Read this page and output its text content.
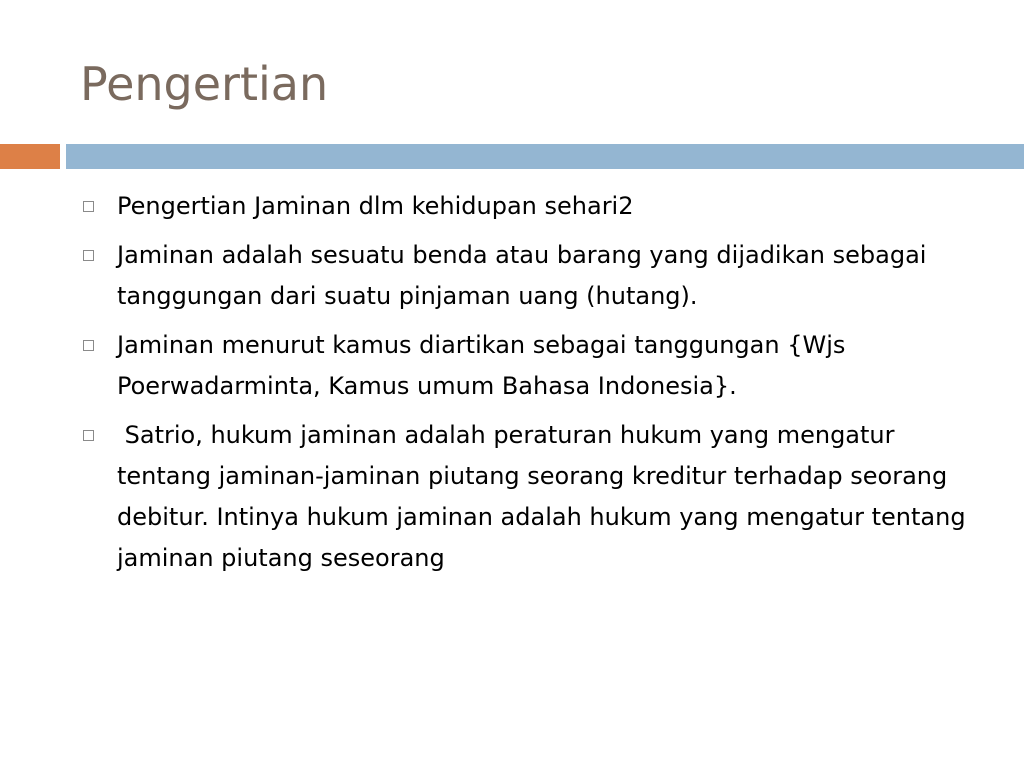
Pengertian
Pengertian Jaminan dlm kehidupan sehari2
Jaminan adalah sesuatu benda atau barang yang dijadikan sebagai tanggungan dari suatu pinjaman uang (hutang).
Jaminan menurut kamus diartikan sebagai tanggungan {Wjs Poerwadarminta, Kamus umum Bahasa Indonesia}.
Satrio, hukum jaminan adalah peraturan hukum yang mengatur tentang jaminan-jaminan piutang seorang kreditur terhadap seorang debitur. Intinya hukum jaminan adalah hukum yang mengatur tentang jaminan piutang seseorang
